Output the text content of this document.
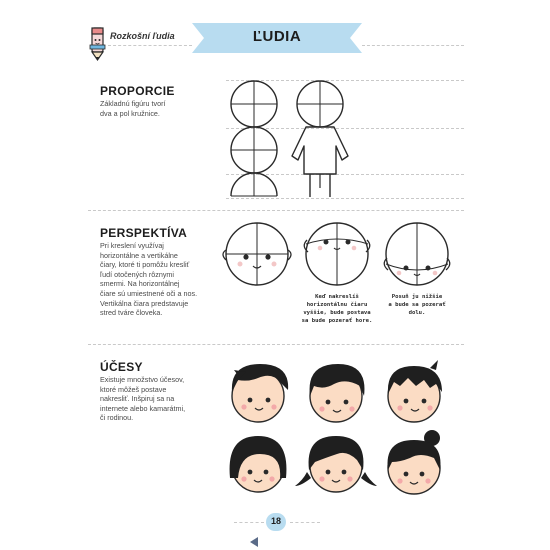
Rozkošní ľudia	ĽUDIA
PROPORCIE
Základnú figúru tvorí
dva a pol kružnice.
PERSPEKTÍVA
Pri kreslení využívaj
horizontálne a vertikálne
čiary, ktoré ti pomôžu kresliť
ľudí otočených rôznymi
smermi. Na horizontálnej
čiare sú umiestnené oči a nos.
Vertikálna čiara predstavuje
stred tváre človeka.
Keď nakreslíš
horizontálnu čiaru
vyššie, bude postava
sa bude pozerať hore.
Posuň ju nižšie
a bude sa pozerať
dolu.
ÚČESY
Existuje množstvo účesov,
ktoré môžeš postave
nakresliť. Inšpiruj sa na
internete alebo kamarátmi,
či rodinou.
18
